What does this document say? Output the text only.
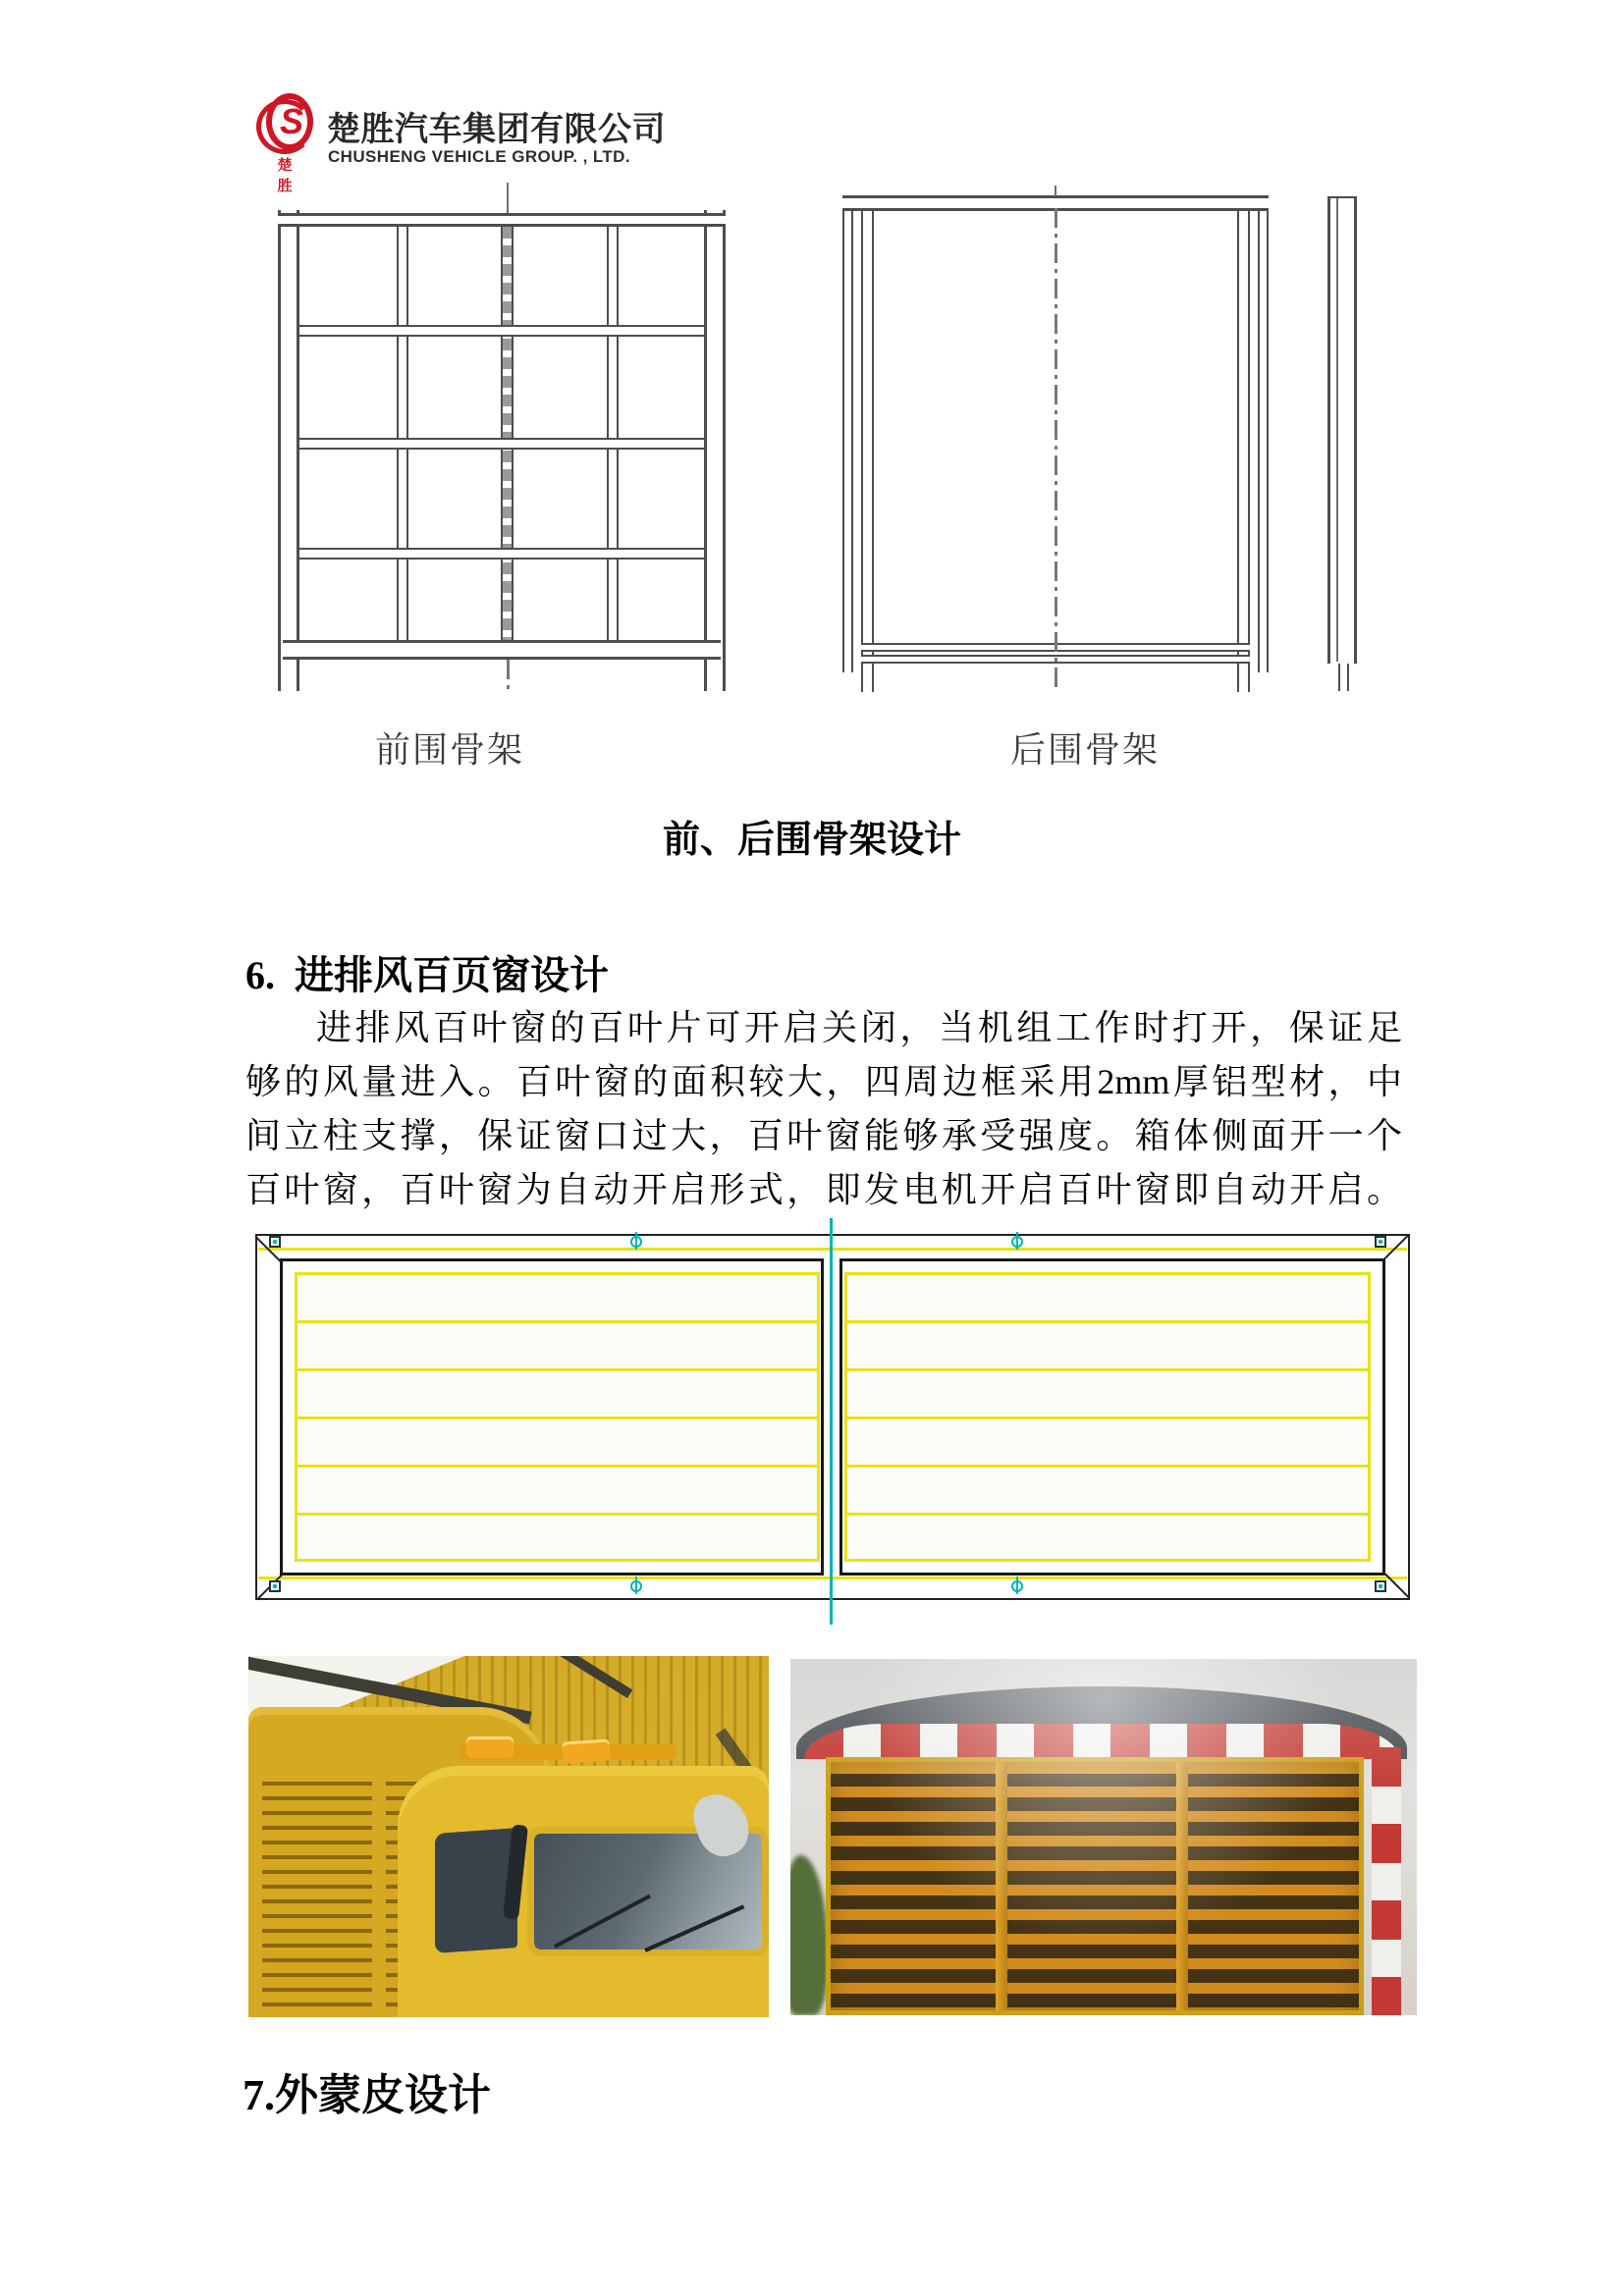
S
楚 胜
楚胜汽车集团有限公司
CHUSHENG VEHICLE GROUP. , LTD.
前围骨架	后围骨架
前、后围骨架设计
6.  进排风百页窗设计
进排风百叶窗的百叶片可开启关闭，当机组工作时打开，保证足
够的风量进入。百叶窗的面积较大，四周边框采用2mm厚铝型材，中
间立柱支撑，保证窗口过大，百叶窗能够承受强度。箱体侧面开一个
百叶窗，百叶窗为自动开启形式，即发电机开启百叶窗即自动开启。
7.外蒙皮设计
